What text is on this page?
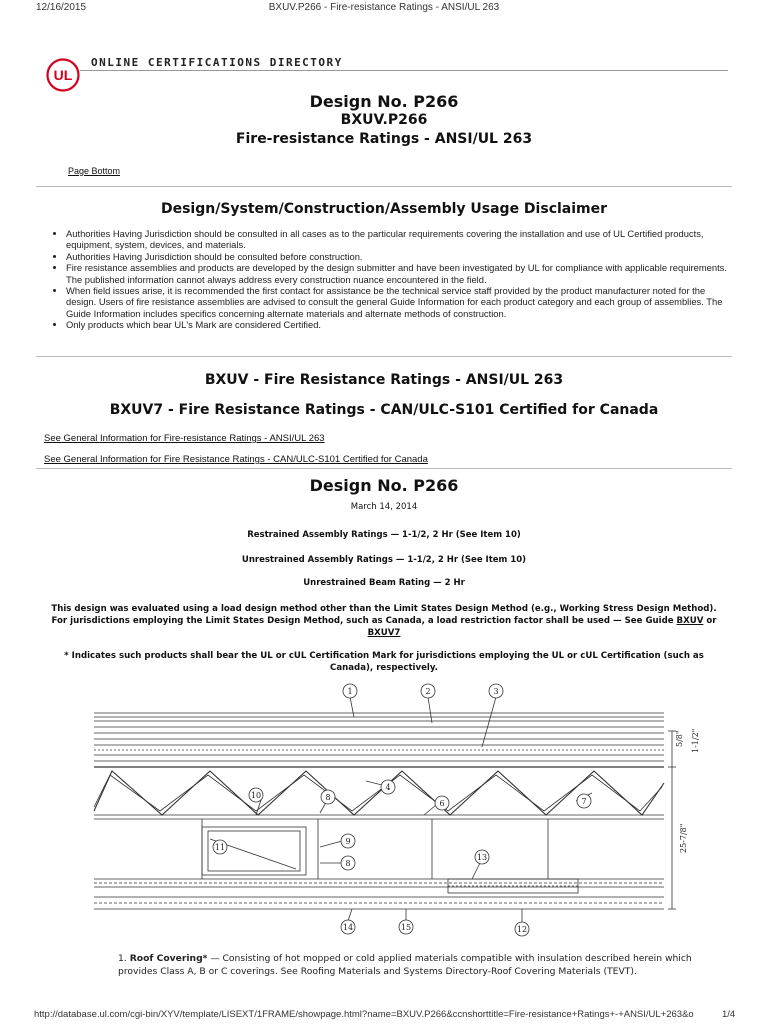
12/16/2015	BXUV.P266 - Fire-resistance Ratings - ANSI/UL 263
UL
ONLINE CERTIFICATIONS DIRECTORY
Design No. P266
BXUV.P266
Fire-resistance Ratings - ANSI/UL 263
Page Bottom
Design/System/Construction/Assembly Usage Disclaimer
• Authorities Having Jurisdiction should be consulted in all cases as to the particular requirements covering the installation and use of UL Certified products, equipment, system, devices, and materials.
• Authorities Having Jurisdiction should be consulted before construction.
• Fire resistance assemblies and products are developed by the design submitter and have been investigated by UL for compliance with applicable requirements. The published information cannot always address every construction nuance encountered in the field.
• When field issues arise, it is recommended the first contact for assistance be the technical service staff provided by the product manufacturer noted for the design. Users of fire resistance assemblies are advised to consult the general Guide Information for each product category and each group of assemblies. The Guide Information includes specifics concerning alternate materials and alternate methods of construction.
• Only products which bear UL's Mark are considered Certified.
BXUV - Fire Resistance Ratings - ANSI/UL 263
BXUV7 - Fire Resistance Ratings - CAN/ULC-S101 Certified for Canada
See General Information for Fire-resistance Ratings - ANSI/UL 263
See General Information for Fire Resistance Ratings - CAN/ULC-S101 Certified for Canada
Design No. P266
March 14, 2014
Restrained Assembly Ratings — 1-1/2, 2 Hr (See Item 10)
Unrestrained Assembly Ratings — 1-1/2, 2 Hr (See Item 10)
Unrestrained Beam Rating — 2 Hr
This design was evaluated using a load design method other than the Limit States Design Method (e.g., Working Stress Design Method). For jurisdictions employing the Limit States Design Method, such as Canada, a load restriction factor shall be used — See Guide BXUV or BXUV7
* Indicates such products shall bear the UL or cUL Certification Mark for jurisdictions employing the UL or cUL Certification (such as Canada), respectively.
1	2	3
4
6	7
8
9
8
10
11
13
14	15	12
5/8" 1-1/2"
25-7/8"
1. Roof Covering* — Consisting of hot mopped or cold applied materials compatible with insulation described herein which provides Class A, B or C coverings. See Roofing Materials and Systems Directory-Roof Covering Materials (TEVT).
http://database.ul.com/cgi-bin/XYV/template/LISEXT/1FRAME/showpage.html?name=BXUV.P266&ccnshorttitle=Fire-resistance+Ratings+-+ANSI/UL+263&o	1/4
